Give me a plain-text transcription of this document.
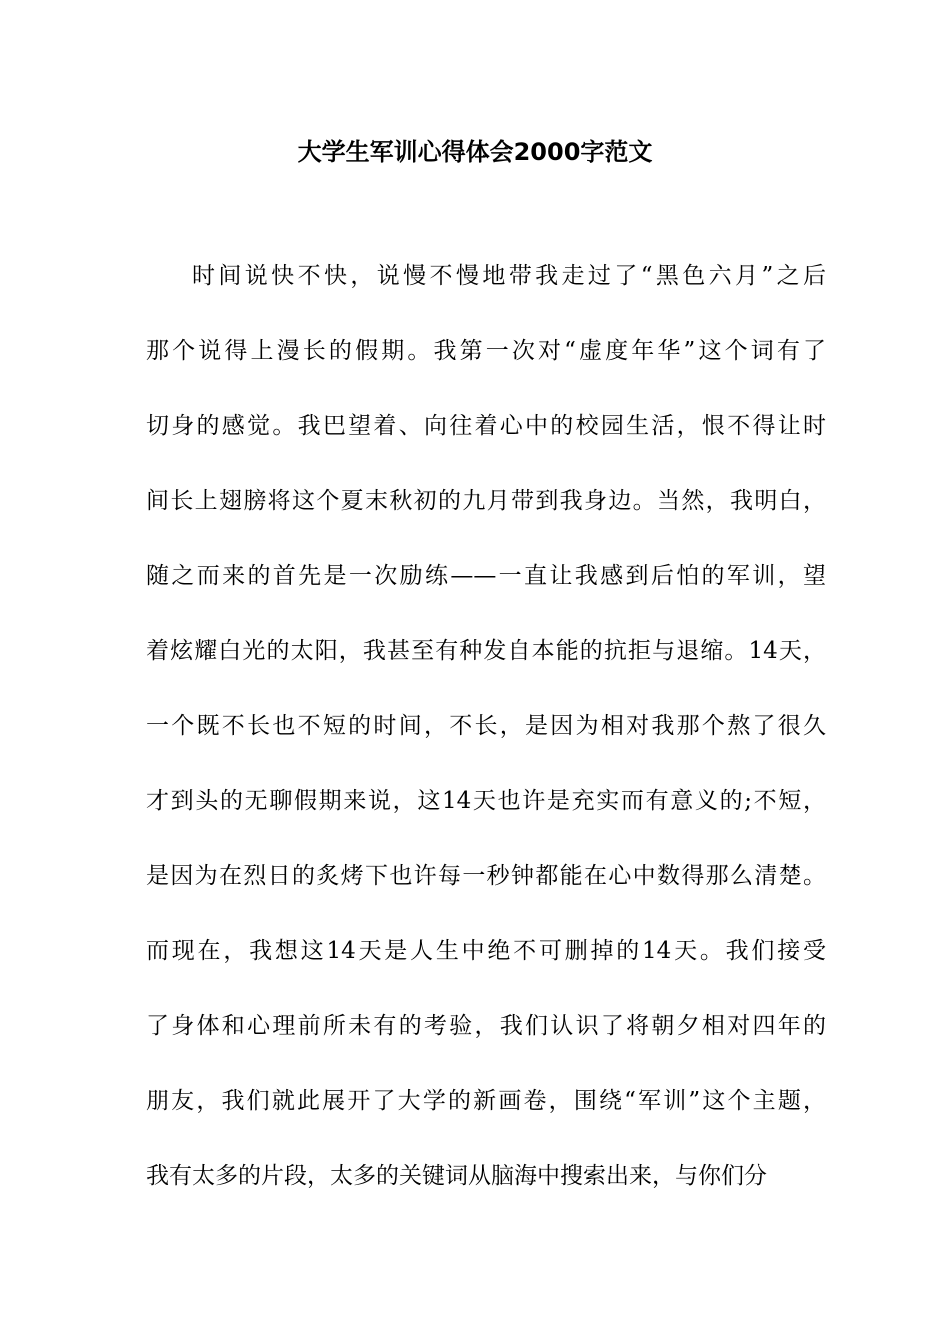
大学生军训心得体会2000字范文
时间说快不快，说慢不慢地带我走过了“黑色六月”之后
那个说得上漫长的假期。我第一次对“虚度年华”这个词有了
切身的感觉。我巴望着、向往着心中的校园生活，恨不得让时
间长上翅膀将这个夏末秋初的九月带到我身边。当然，我明白，
随之而来的首先是一次励练——一直让我感到后怕的军训，望
着炫耀白光的太阳，我甚至有种发自本能的抗拒与退缩。14天，
一个既不长也不短的时间，不长，是因为相对我那个熬了很久
才到头的无聊假期来说，这14天也许是充实而有意义的;不短，
是因为在烈日的炙烤下也许每一秒钟都能在心中数得那么清楚。
而现在，我想这14天是人生中绝不可删掉的14天。我们接受
了身体和心理前所未有的考验，我们认识了将朝夕相对四年的
朋友，我们就此展开了大学的新画卷，围绕“军训”这个主题，
我有太多的片段，太多的关键词从脑海中搜索出来，与你们分
